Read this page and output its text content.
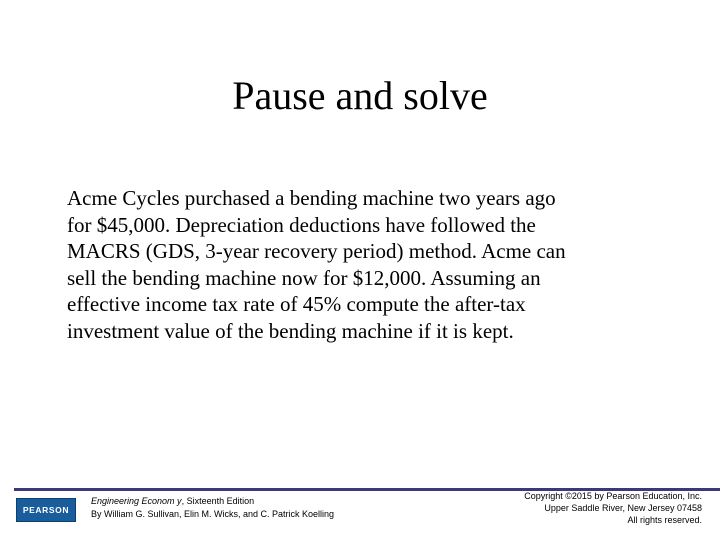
Pause and solve
Acme Cycles purchased a bending machine two years ago
for $45,000. Depreciation deductions have followed the
MACRS (GDS, 3-year recovery period) method. Acme can
sell the bending machine now for $12,000. Assuming an
effective income tax rate of 45% compute the after-tax
investment value of the bending machine if it is kept.
PEARSON
Engineering Econom y, Sixteenth Edition
By William G. Sullivan, Elin M. Wicks, and C. Patrick Koelling
Copyright ©2015 by Pearson Education, Inc.
Upper Saddle River, New Jersey 07458
All rights reserved.
